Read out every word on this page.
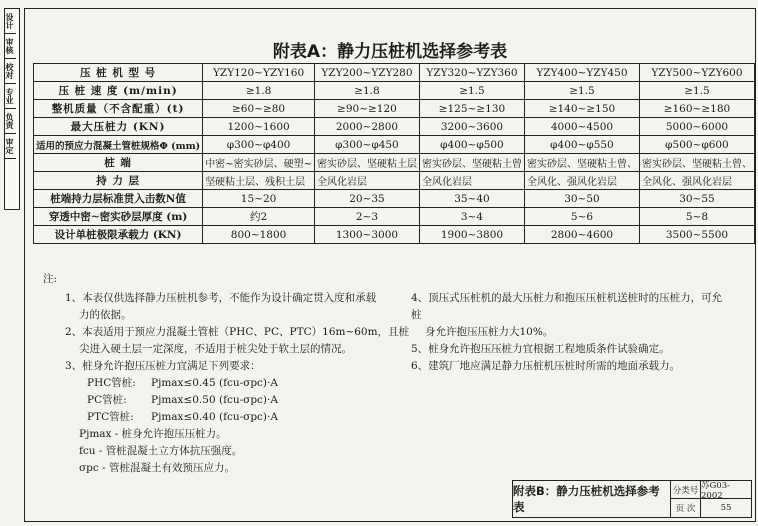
设计
审核
校对
专业
负责
审定
附表A：静力压桩机选择参考表
压 桩 机 型 号	YZY120~YZY160	YZY200~YZY280	YZY320~YZY360	YZY400~YZY450	YZY500~YZY600
压 桩 速 度 (m/min)	≥1.8	≥1.8	≥1.5	≥1.5	≥1.5
整机质量（不含配重）(t)	≥60~≥80	≥90~≥120	≥125~≥130	≥140~≥150	≥160~≥180
最大压桩力 (KN)	1200~1600	2000~2800	3200~3600	4000~4500	5000~6000
适用的预应力混凝土管桩规格Φ (mm)	φ300~φ400	φ300~φ450	φ400~φ500	φ400~φ550	φ500~φ600
桩 端	中密~密实砂层、硬塑~	密实砂层、坚硬粘土层	密实砂层、坚硬粘土曾	密实砂层、坚硬粘土曾、	密实砂层、坚硬粘土曾、
持 力 层	坚硬粘土层、残积土层	全风化岩层	全风化岩层	全风化、强风化岩层	全风化、强风化岩层
桩端持力层标准贯入击数N值	15~20	20~35	35~40	30~50	30~55
穿透中密~密实砂层厚度 (m)	约2	2~3	3~4	5~6	5~8
设计单桩极限承载力 (KN)	800~1800	1300~3000	1900~3800	2800~4600	3500~5500
注:
1、本表仅供选择静力压桩机参考，不能作为设计确定贯入度和承载
力的依据。
2、本表适用于预应力混凝土管桩（PHC、PC、PTC）16m~60m，且桩
尖进入硬土层一定深度，不适用于桩尖处于软土层的情况。
3、桩身允许抱压压桩力宜满足下列要求：
PHC管桩:	Pjmax≤0.45 (fcu-σpc)·A
PC管桩:	Pjmax≤0.50 (fcu-σpc)·A
PTC管桩:	Pjmax≤0.40 (fcu-σpc)·A
Pjmax - 桩身允许抱压压桩力。
fcu - 管桩混凝土立方体抗压强度。
σpc - 管桩混凝土有效预压应力。
4、顶压式压桩机的最大压桩力和抱压压桩机送桩时的压桩力，可允桩
身允许抱压压桩力大10%。
5、桩身允许抱压压桩力宜根据工程地质条件试验确定。
6、建筑厂地应满足静力压桩机压桩时所需的地面承载力。
附表B：静力压桩机选择参考表
分类号 苏G03-2002
页 次	55
